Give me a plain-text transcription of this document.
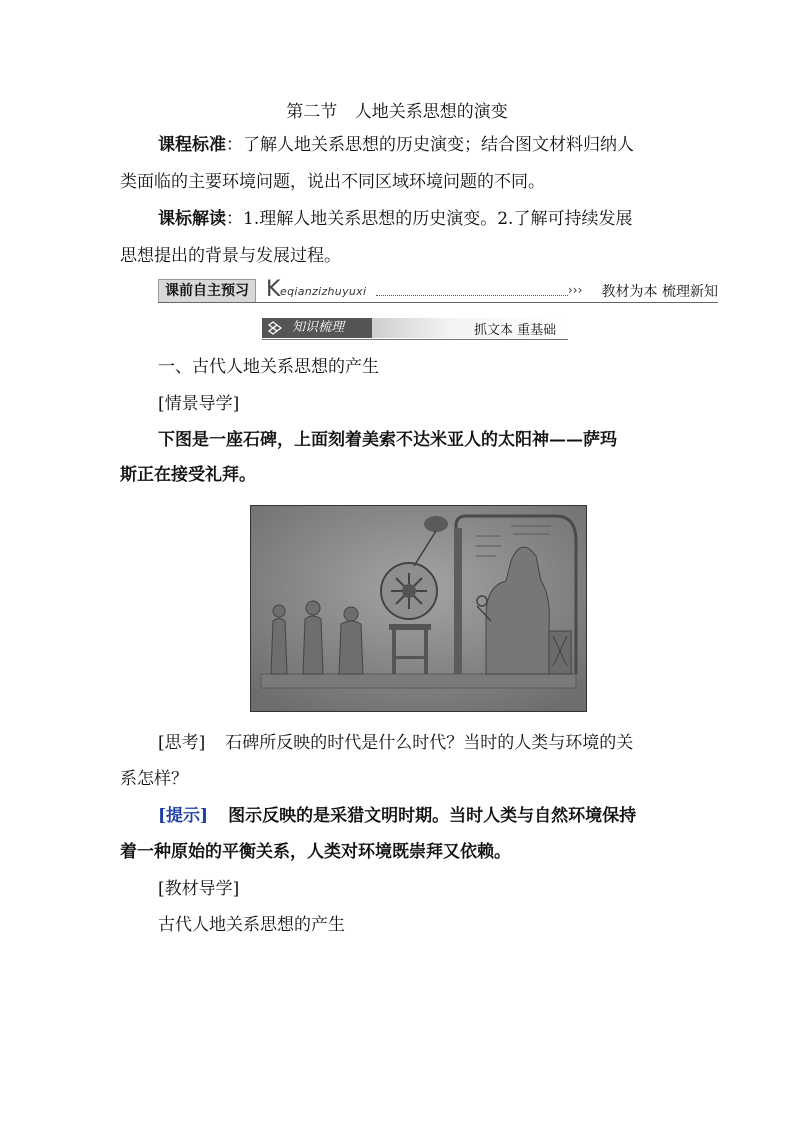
第二节 人地关系思想的演变
课程标准：了解人地关系思想的历史演变；结合图文材料归纳人
类面临的主要环境问题，说出不同区域环境问题的不同。
课标解读：1.理解人地关系思想的历史演变。2.了解可持续发展
思想提出的背景与发展过程。
课前自主预习 K eqianzizhuyuxi	››› 教材为本 梳理新知
知识梳理	抓文本 重基础
一、古代人地关系思想的产生
[情景导学]
下图是一座石碑，上面刻着美索不达米亚人的太阳神——萨玛
斯正在接受礼拜。
[思考] 石碑所反映的时代是什么时代？当时的人类与环境的关
系怎样？
[提示] 图示反映的是采猎文明时期。当时人类与自然环境保持
着一种原始的平衡关系，人类对环境既崇拜又依赖。
[教材导学]
古代人地关系思想的产生
